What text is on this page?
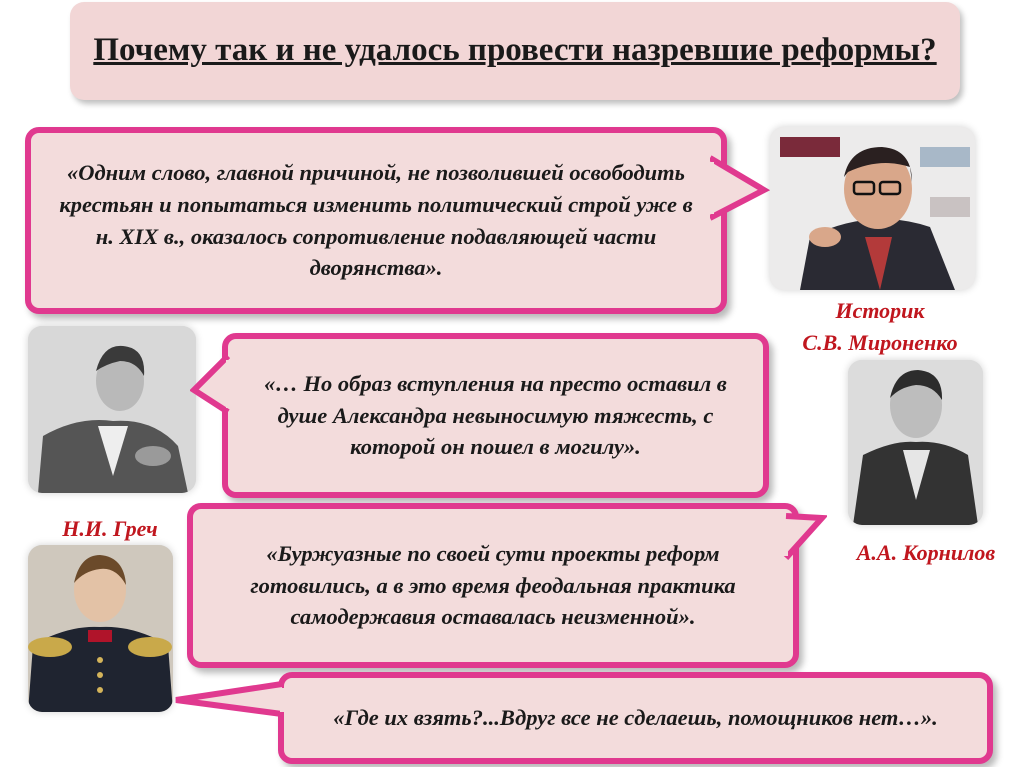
Почему так и не удалось провести назревшие реформы?
«Одним слово, главной причиной, не позволившей освободить крестьян и попытаться изменить политический строй уже в н. XIX в., оказалось сопротивление подавляющей части дворянства».
Историк
С.В. Мироненко
«… Но образ вступления на престо оставил в душе Александра невыносимую тяжесть, с которой он пошел в могилу».
Н.И. Греч
«Буржуазные по своей сути проекты реформ готовились, а в это время феодальная практика самодержавия оставалась неизменной».
А.А. Корнилов
«Где их взять?...Вдруг все не сделаешь, помощников нет…».
